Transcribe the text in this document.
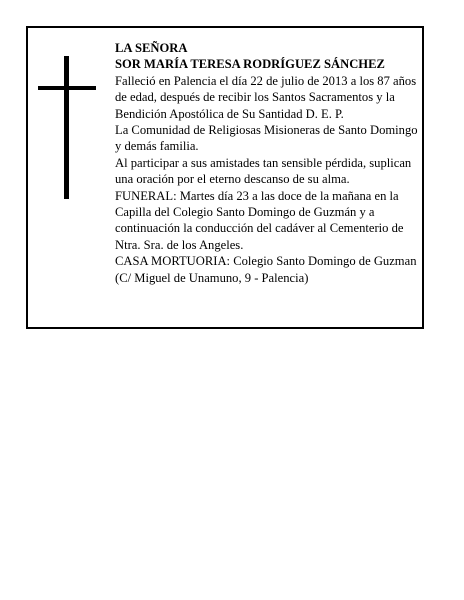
LA SEÑORA

SOR MARÍA TERESA RODRÍGUEZ SÁNCHEZ

Falleció en Palencia el día 22 de julio de 2013 a los 87 años de edad, después de recibir los Santos Sacramentos y la Bendición Apostólica de Su Santidad D. E. P.

La Comunidad de Religiosas Misioneras de Santo Domingo y demás familia.

Al participar a sus amistades tan sensible pérdida, suplican una oración por el eterno descanso de su alma.

FUNERAL: Martes día 23 a las doce de la mañana en la Capilla del Colegio Santo Domingo de Guzmán y a continuación la conducción del cadáver al Cementerio de Ntra. Sra. de los Angeles.

CASA MORTUORIA: Colegio Santo Domingo de Guzman (C/ Miguel de Unamuno, 9 - Palencia)
